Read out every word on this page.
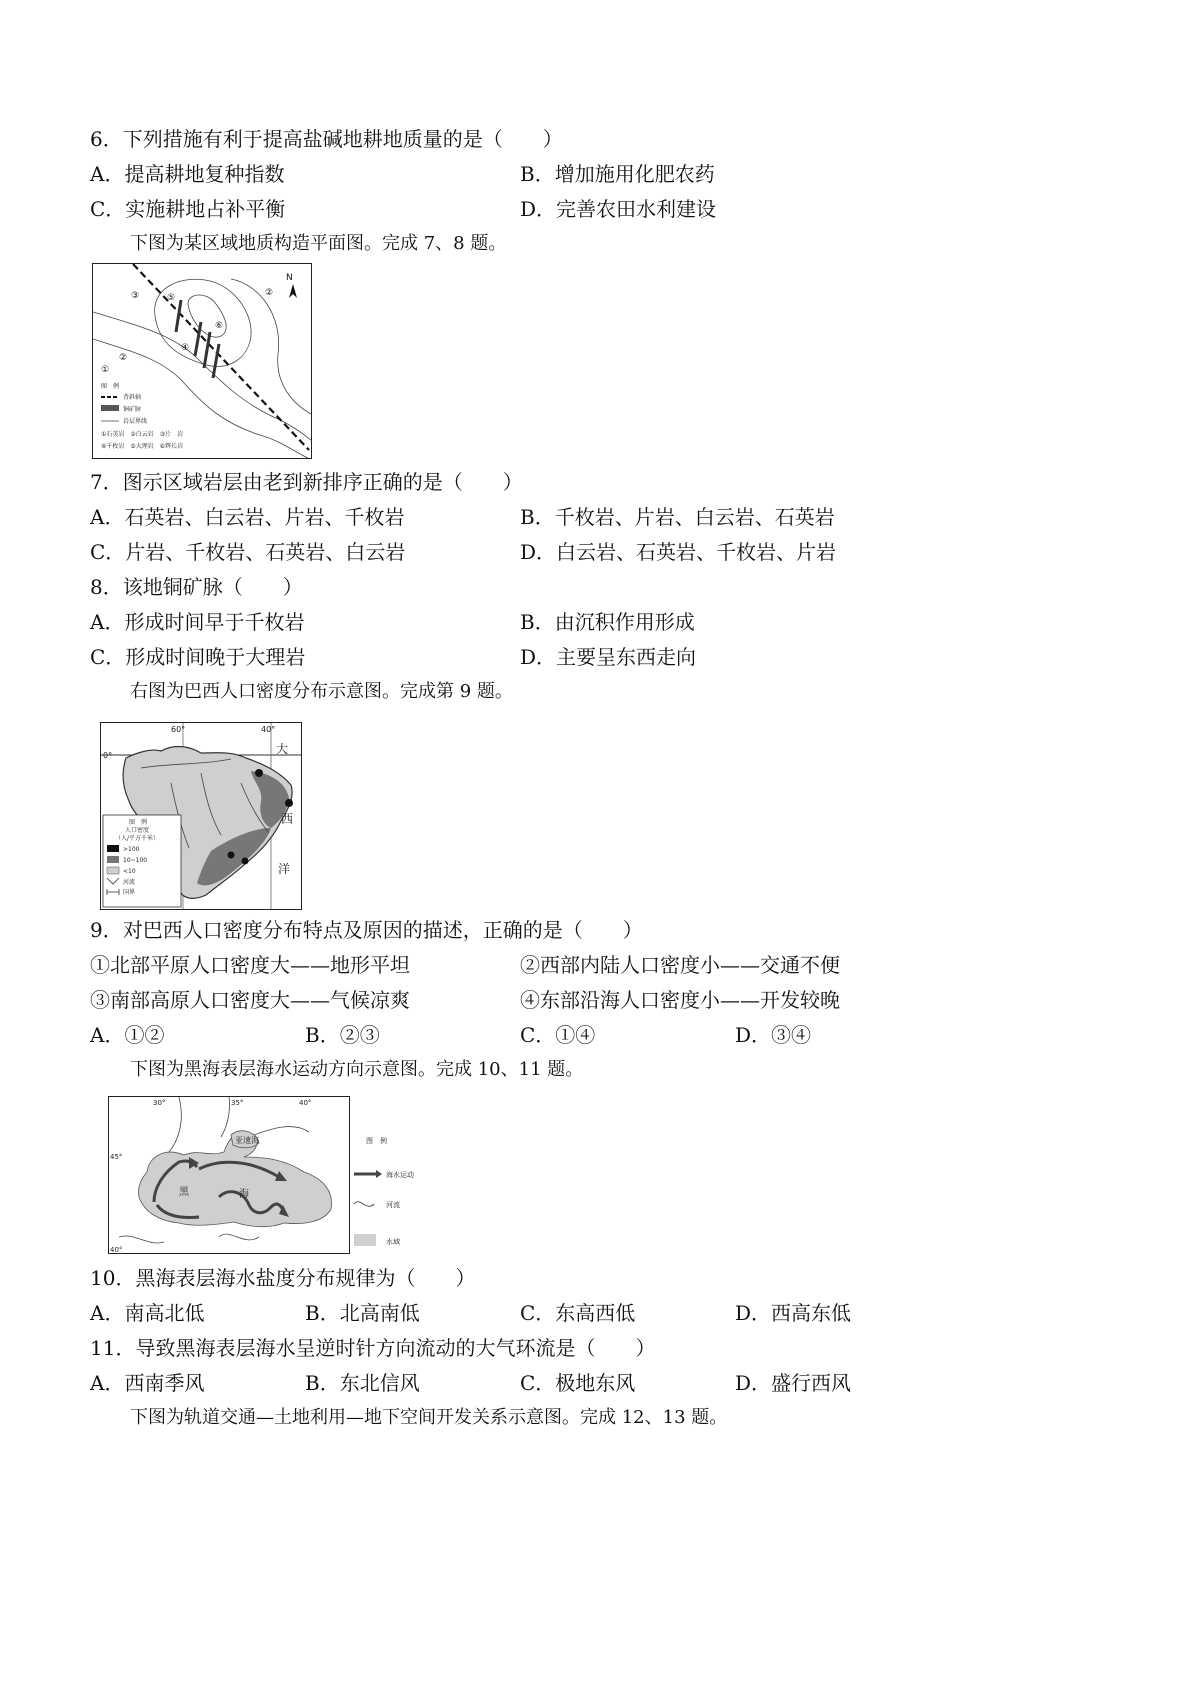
6．下列措施有利于提高盐碱地耕地质量的是（　　）
A．提高耕地复种指数	B．增加施用化肥农药
C．实施耕地占补平衡	D．完善农田水利建设
下图为某区域地质构造平面图。完成 7、8 题。
③	⑤	②
⑥
④
②
①
N
图　例
背斜轴
铜矿脉
岩层界线
①石英岩　②白云岩　③片　岩
④千枚岩　⑤大理岩　⑥辉长岩
7．图示区域岩层由老到新排序正确的是（　　）
A．石英岩、白云岩、片岩、千枚岩	B．千枚岩、片岩、白云岩、石英岩
C．片岩、千枚岩、石英岩、白云岩	D．白云岩、石英岩、千枚岩、片岩
8．该地铜矿脉（　　）
A．形成时间早于千枚岩	B．由沉积作用形成
C．形成时间晚于大理岩	D．主要呈东西走向
右图为巴西人口密度分布示意图。完成第 9 题。
60°	40°
0°	大
西
洋
图　例
人口密度
（人/平方千米）
>100
10~100
<10
河流
国界
9．对巴西人口密度分布特点及原因的描述，正确的是（　　）
①北部平原人口密度大——地形平坦	②西部内陆人口密度小——交通不便
③南部高原人口密度大——气候凉爽	④东部沿海人口密度小——开发较晚
A．①②	B．②③	C．①④	D．③④
下图为黑海表层海水运动方向示意图。完成 10、11 题。
30°	35°	40°
45°
40°
亚速海
黑	海
图　例
海水运动
河流
水域
10．黑海表层海水盐度分布规律为（　　）
A．南高北低	B．北高南低	C．东高西低	D．西高东低
11．导致黑海表层海水呈逆时针方向流动的大气环流是（　　）
A．西南季风	B．东北信风	C．极地东风	D．盛行西风
下图为轨道交通—土地利用—地下空间开发关系示意图。完成 12、13 题。
